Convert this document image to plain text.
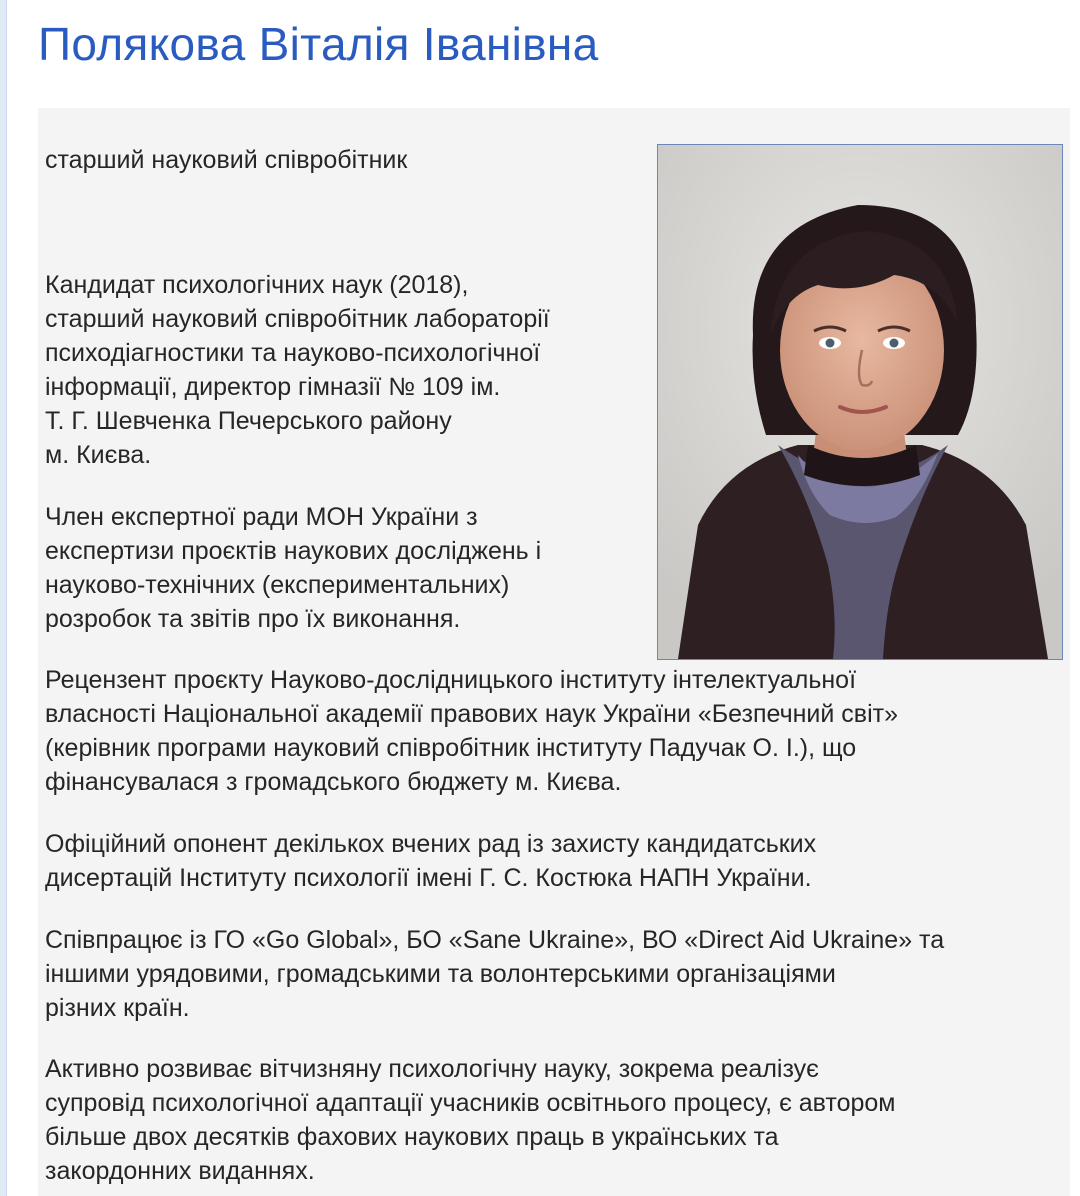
Полякова Віталія Іванівна

старший науковий співробітник

Кандидат психологічних наук (2018),
старший науковий співробітник лабораторії
психодіагностики та науково-психологічної
інформації, директор гімназії № 109 ім.
Т. Г. Шевченка Печерського району
м. Києва.

Член експертної ради МОН України з
експертизи проєктів наукових досліджень і
науково-технічних (експериментальних)
розробок та звітів про їх виконання.

Рецензент проєкту Науково-дослідницького інституту інтелектуальної
власності Національної академії правових наук України «Безпечний світ»
(керівник програми науковий співробітник інституту Падучак О. І.), що
фінансувалася з громадського бюджету м. Києва.

Офіційний опонент декількох вчених рад із захисту кандидатських
дисертацій Інституту психології імені Г. С. Костюка НАПН України.

Співпрацює із ГО «Go Global», БО «Sane Ukraine», ВО «Direct Aid Ukraine» та
іншими урядовими, громадськими та волонтерськими організаціями
різних країн.

Активно розвиває вітчизняну психологічну науку, зокрема реалізує
супровід психологічної адаптації учасників освітнього процесу, є автором
більше двох десятків фахових наукових праць в українських та
закордонних виданнях.
